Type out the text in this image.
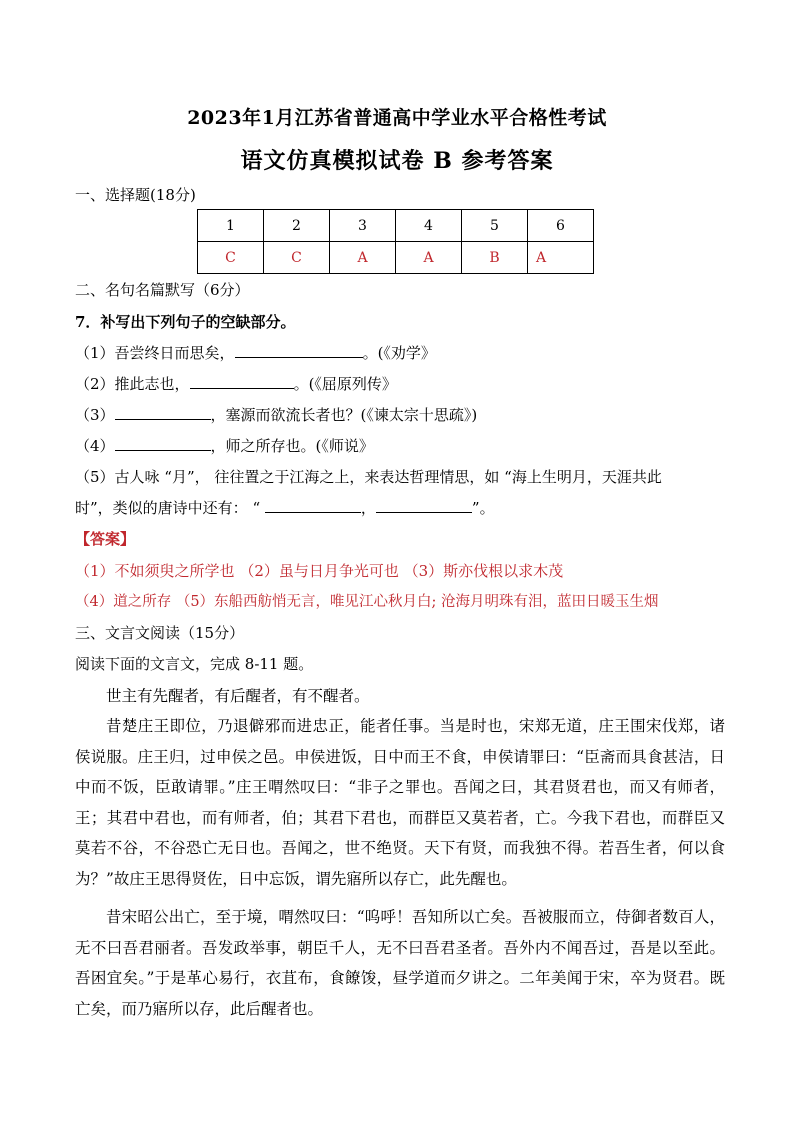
2023年1月江苏省普通高中学业水平合格性考试
语文仿真模拟试卷 B 参考答案
一、选择题(18分)
1	2	3	4	5	6
C	C	A	A	B	A
二、名句名篇默写（6分）
7．补写出下列句子的空缺部分。
（1）吾尝终日而思矣，	。(《劝学》
（2）推此志也，	。(《屈原列传》
（3）	，塞源而欲流长者也？(《谏太宗十思疏》)
（4）	，师之所存也。(《师说》
（5）古人咏 “月”， 往往置之于江海之上，来表达哲理情思，如 “海上生明月，天涯共此
时”，类似的唐诗中还有： “	，	”。
【答案】
（1）不如须臾之所学也 （2）虽与日月争光可也 （3）斯亦伐根以求木茂
（4）道之所存 （5）东船西舫悄无言，唯见江心秋月白; 沧海月明珠有泪，蓝田日暖玉生烟
三、文言文阅读（15分）
阅读下面的文言文，完成 8-11 题。
世主有先醒者，有后醒者，有不醒者。
昔楚庄王即位，乃退僻邪而进忠正，能者任事。当是时也，宋郑无道，庄王围宋伐郑，诸侯说服。庄王归，过申侯之邑。申侯进饭，日中而王不食，申侯请罪曰：“臣斋而具食甚洁，日中而不饭，臣敢请罪。”庄王喟然叹曰：“非子之罪也。吾闻之曰，其君贤君也，而又有师者，王；其君中君也，而有师者，伯；其君下君也，而群臣又莫若者，亡。今我下君也，而群臣又莫若不谷，不谷恐亡无日也。吾闻之，世不绝贤。天下有贤，而我独不得。若吾生者，何以食为？”故庄王思得贤佐，日中忘饭，谓先寤所以存亡，此先醒也。
昔宋昭公出亡，至于境，喟然叹曰：“呜呼！吾知所以亡矣。吾被服而立，侍御者数百人，无不曰吾君丽者。吾发政举事，朝臣千人，无不曰吾君圣者。吾外内不闻吾过，吾是以至此。吾困宜矣。”于是革心易行，衣苴布，食䭜馂，昼学道而夕讲之。二年美闻于宋，卒为贤君。既亡矣，而乃寤所以存，此后醒者也。
